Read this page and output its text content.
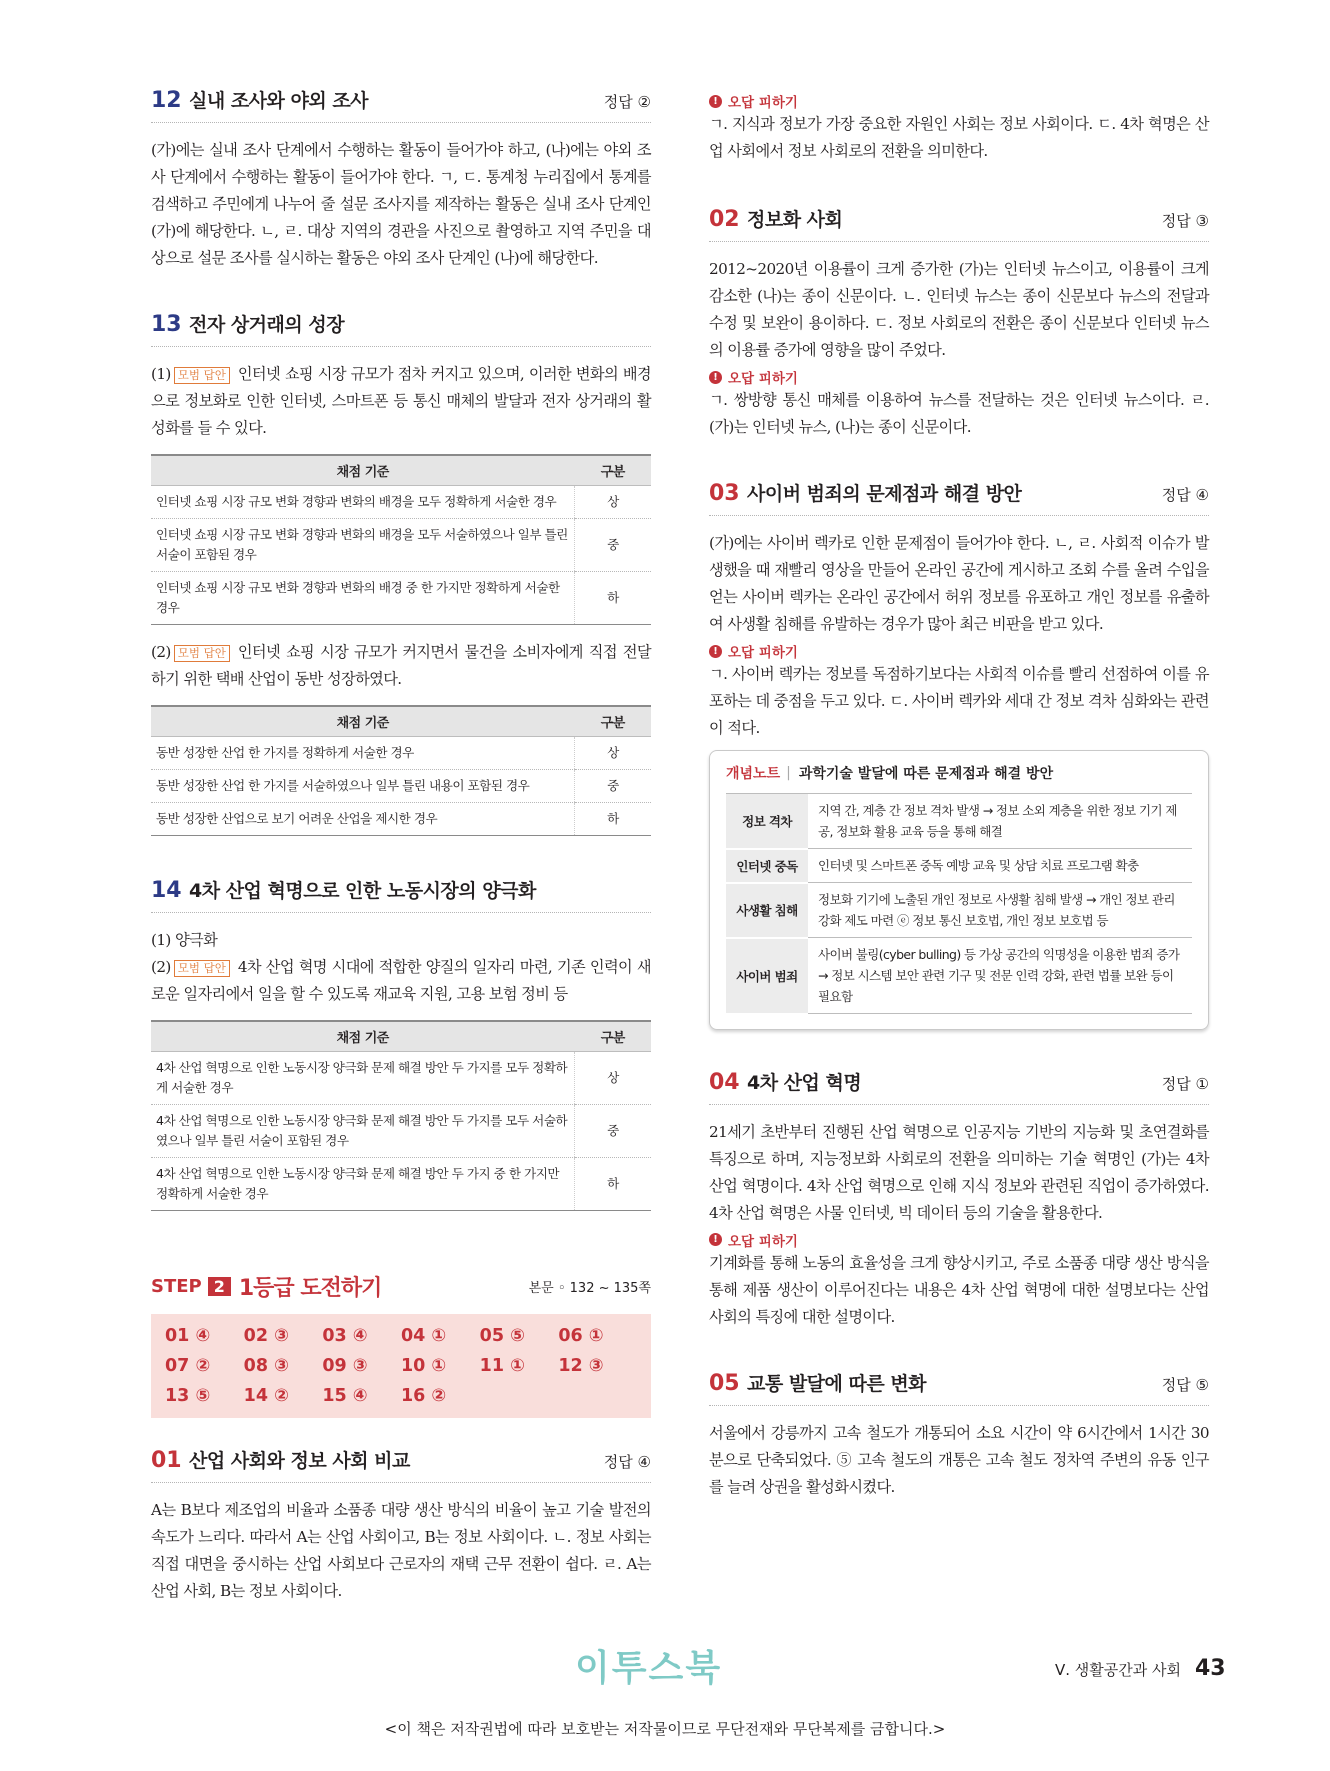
12 실내 조사와 야외 조사	정답 ②

(가)에는 실내 조사 단계에서 수행하는 활동이 들어가야 하고, (나)에는 야외 조사 단계에서 수행하는 활동이 들어가야 한다. ㄱ, ㄷ. 통계청 누리집에서 통계를 검색하고 주민에게 나누어 줄 설문 조사지를 제작하는 활동은 실내 조사 단계인 (가)에 해당한다. ㄴ, ㄹ. 대상 지역의 경관을 사진으로 촬영하고 지역 주민을 대상으로 설문 조사를 실시하는 활동은 야외 조사 단계인 (나)에 해당한다.

13 전자 상거래의 성장

(1) 모범 답안 인터넷 쇼핑 시장 규모가 점차 커지고 있으며, 이러한 변화의 배경으로 정보화로 인한 인터넷, 스마트폰 등 통신 매체의 발달과 전자 상거래의 활성화를 들 수 있다.

채점 기준	구분
인터넷 쇼핑 시장 규모 변화 경향과 변화의 배경을 모두 정확하게 서술한 경우	상
인터넷 쇼핑 시장 규모 변화 경향과 변화의 배경을 모두 서술하였으나 일부 틀린 서술이 포함된 경우	중
인터넷 쇼핑 시장 규모 변화 경향과 변화의 배경 중 한 가지만 정확하게 서술한 경우	하

(2) 모범 답안 인터넷 쇼핑 시장 규모가 커지면서 물건을 소비자에게 직접 전달하기 위한 택배 산업이 동반 성장하였다.

채점 기준	구분
동반 성장한 산업 한 가지를 정확하게 서술한 경우	상
동반 성장한 산업 한 가지를 서술하였으나 일부 틀린 내용이 포함된 경우	중
동반 성장한 산업으로 보기 어려운 산업을 제시한 경우	하
14 4차 산업 혁명으로 인한 노동시장의 양극화

(1) 양극화

(2) 모범 답안 4차 산업 혁명 시대에 적합한 양질의 일자리 마련, 기존 인력이 새로운 일자리에서 일을 할 수 있도록 재교육 지원, 고용 보험 정비 등

채점 기준	구분
4차 산업 혁명으로 인한 노동시장 양극화 문제 해결 방안 두 가지를 모두 정확하게 서술한 경우	상
4차 산업 혁명으로 인한 노동시장 양극화 문제 해결 방안 두 가지를 모두 서술하였으나 일부 틀린 서술이 포함된 경우	중
4차 산업 혁명으로 인한 노동시장 양극화 문제 해결 방안 두 가지 중 한 가지만 정확하게 서술한 경우	하
STEP 2 1등급 도전하기	본문 ◦ 132 ~ 135쪽
01 ④	02 ③	03 ④	04 ①	05 ⑤	06 ①
07 ②	08 ③	09 ③	10 ①	11 ①	12 ③
13 ⑤	14 ②	15 ④	16 ②
01 산업 사회와 정보 사회 비교	정답 ④

A는 B보다 제조업의 비율과 소품종 대량 생산 방식의 비율이 높고 기술 발전의 속도가 느리다. 따라서 A는 산업 사회이고, B는 정보 사회이다. ㄴ. 정보 사회는 직접 대면을 중시하는 산업 사회보다 근로자의 재택 근무 전환이 쉽다. ㄹ. A는 산업 사회, B는 정보 사회이다.

! 오답 피하기

ㄱ. 지식과 정보가 가장 중요한 자원인 사회는 정보 사회이다. ㄷ. 4차 혁명은 산업 사회에서 정보 사회로의 전환을 의미한다.

02 정보화 사회	정답 ③

2012~2020년 이용률이 크게 증가한 (가)는 인터넷 뉴스이고, 이용률이 크게 감소한 (나)는 종이 신문이다. ㄴ. 인터넷 뉴스는 종이 신문보다 뉴스의 전달과 수정 및 보완이 용이하다. ㄷ. 정보 사회로의 전환은 종이 신문보다 인터넷 뉴스의 이용률 증가에 영향을 많이 주었다.

! 오답 피하기

ㄱ. 쌍방향 통신 매체를 이용하여 뉴스를 전달하는 것은 인터넷 뉴스이다. ㄹ. (가)는 인터넷 뉴스, (나)는 종이 신문이다.

03 사이버 범죄의 문제점과 해결 방안	정답 ④

(가)에는 사이버 렉카로 인한 문제점이 들어가야 한다. ㄴ, ㄹ. 사회적 이슈가 발생했을 때 재빨리 영상을 만들어 온라인 공간에 게시하고 조회 수를 올려 수입을 얻는 사이버 렉카는 온라인 공간에서 허위 정보를 유포하고 개인 정보를 유출하여 사생활 침해를 유발하는 경우가 많아 최근 비판을 받고 있다.

! 오답 피하기

ㄱ. 사이버 렉카는 정보를 독점하기보다는 사회적 이슈를 빨리 선점하여 이를 유포하는 데 중점을 두고 있다. ㄷ. 사이버 렉카와 세대 간 정보 격차 심화와는 관련이 적다.

개념노트 | 과학기술 발달에 따른 문제점과 해결 방안
정보 격차	지역 간, 계층 간 정보 격차 발생 → 정보 소외 계층을 위한 정보 기기 제공, 정보화 활용 교육 등을 통해 해결
인터넷 중독	인터넷 및 스마트폰 중독 예방 교육 및 상담 치료 프로그램 확충
사생활 침해	정보화 기기에 노출된 개인 정보로 사생활 침해 발생 → 개인 정보 관리 강화 제도 마련 ⓔ 정보 통신 보호법, 개인 정보 보호법 등
사이버 범죄	사이버 불링(cyber bulling) 등 가상 공간의 익명성을 이용한 범죄 증가 → 정보 시스템 보안 관련 기구 및 전문 인력 강화, 관련 법률 보완 등이 필요함
04 4차 산업 혁명	정답 ①

21세기 초반부터 진행된 산업 혁명으로 인공지능 기반의 지능화 및 초연결화를 특징으로 하며, 지능정보화 사회로의 전환을 의미하는 기술 혁명인 (가)는 4차 산업 혁명이다. 4차 산업 혁명으로 인해 지식 정보와 관련된 직업이 증가하였다. 4차 산업 혁명은 사물 인터넷, 빅 데이터 등의 기술을 활용한다.

! 오답 피하기

기계화를 통해 노동의 효율성을 크게 향상시키고, 주로 소품종 대량 생산 방식을 통해 제품 생산이 이루어진다는 내용은 4차 산업 혁명에 대한 설명보다는 산업 사회의 특징에 대한 설명이다.

05 교통 발달에 따른 변화	정답 ⑤

서울에서 강릉까지 고속 철도가 개통되어 소요 시간이 약 6시간에서 1시간 30분으로 단축되었다. ⑤ 고속 철도의 개통은 고속 철도 정차역 주변의 유동 인구를 늘려 상권을 활성화시켰다.

이투스북	Ⅴ. 생활공간과 사회 43
<이 책은 저작권법에 따라 보호받는 저작물이므로 무단전재와 무단복제를 금합니다.>
